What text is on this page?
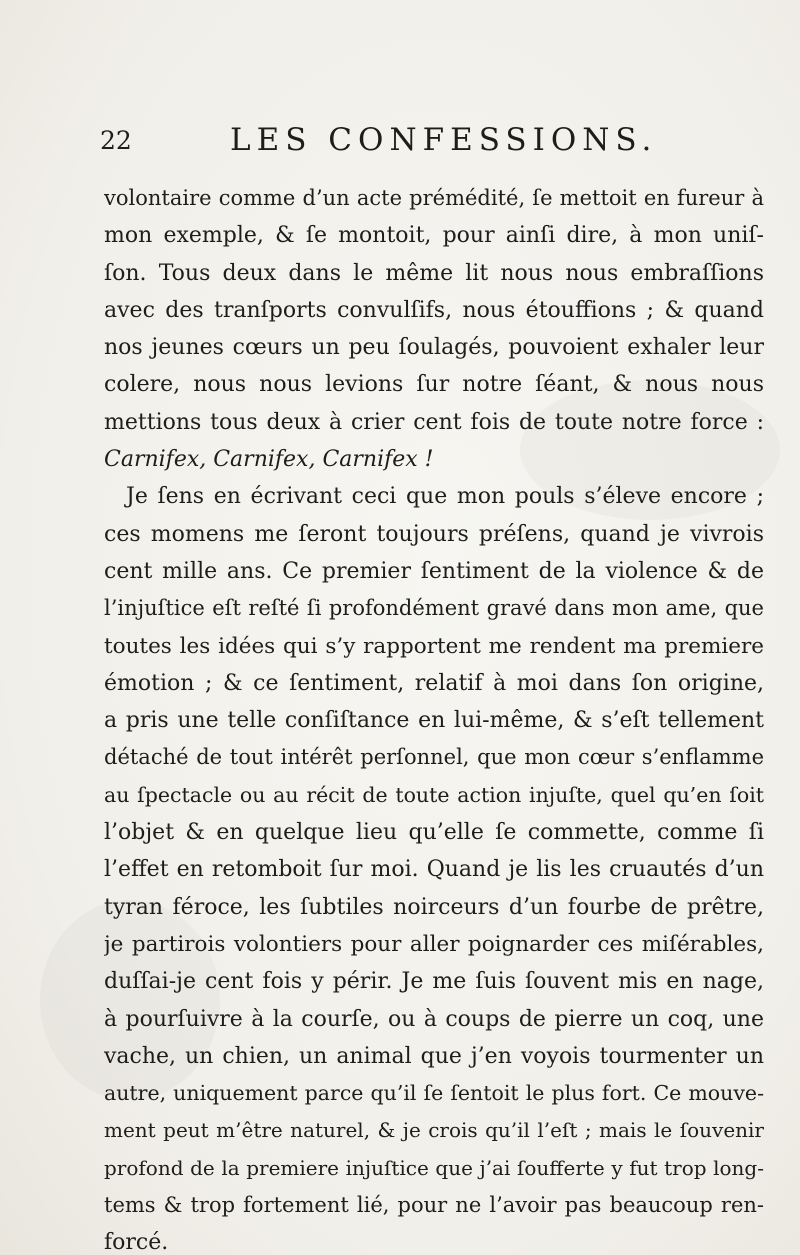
22	LES CONFESSIONS.
volontaire comme d’un acte prémédité, ſe mettoit en fureur à
mon exemple, & ſe montoit, pour ainſi dire, à mon uniſ-
ſon. Tous deux dans le même lit nous nous embraſſions
avec des tranſports convulſifs, nous étouffions ; & quand
nos jeunes cœurs un peu ſoulagés, pouvoient exhaler leur
colere, nous nous levions ſur notre ſéant, & nous nous
mettions tous deux à crier cent fois de toute notre force :
Carnifex, Carnifex, Carnifex !
Je ſens en écrivant ceci que mon pouls s’éleve encore ;
ces momens me ſeront toujours préſens, quand je vivrois
cent mille ans. Ce premier ſentiment de la violence & de
l’injuſtice eſt reſté ſi profondément gravé dans mon ame, que
toutes les idées qui s’y rapportent me rendent ma premiere
émotion ; & ce ſentiment, relatif à moi dans ſon origine,
a pris une telle conſiſtance en lui-même, & s’eſt tellement
détaché de tout intérêt perſonnel, que mon cœur s’enflamme
au ſpectacle ou au récit de toute action injuſte, quel qu’en ſoit
l’objet & en quelque lieu qu’elle ſe commette, comme ſi
l’effet en retomboit ſur moi. Quand je lis les cruautés d’un
tyran féroce, les ſubtiles noirceurs d’un fourbe de prêtre,
je partirois volontiers pour aller poignarder ces miſérables,
duſſai-je cent fois y périr. Je me ſuis ſouvent mis en nage,
à pourſuivre à la courſe, ou à coups de pierre un coq, une
vache, un chien, un animal que j’en voyois tourmenter un
autre, uniquement parce qu’il ſe ſentoit le plus fort. Ce mouve-
ment peut m’être naturel, & je crois qu’il l’eſt ; mais le ſouvenir
profond de la premiere injuſtice que j’ai ſoufferte y fut trop long-
tems & trop fortement lié, pour ne l’avoir pas beaucoup ren-
forcé.
